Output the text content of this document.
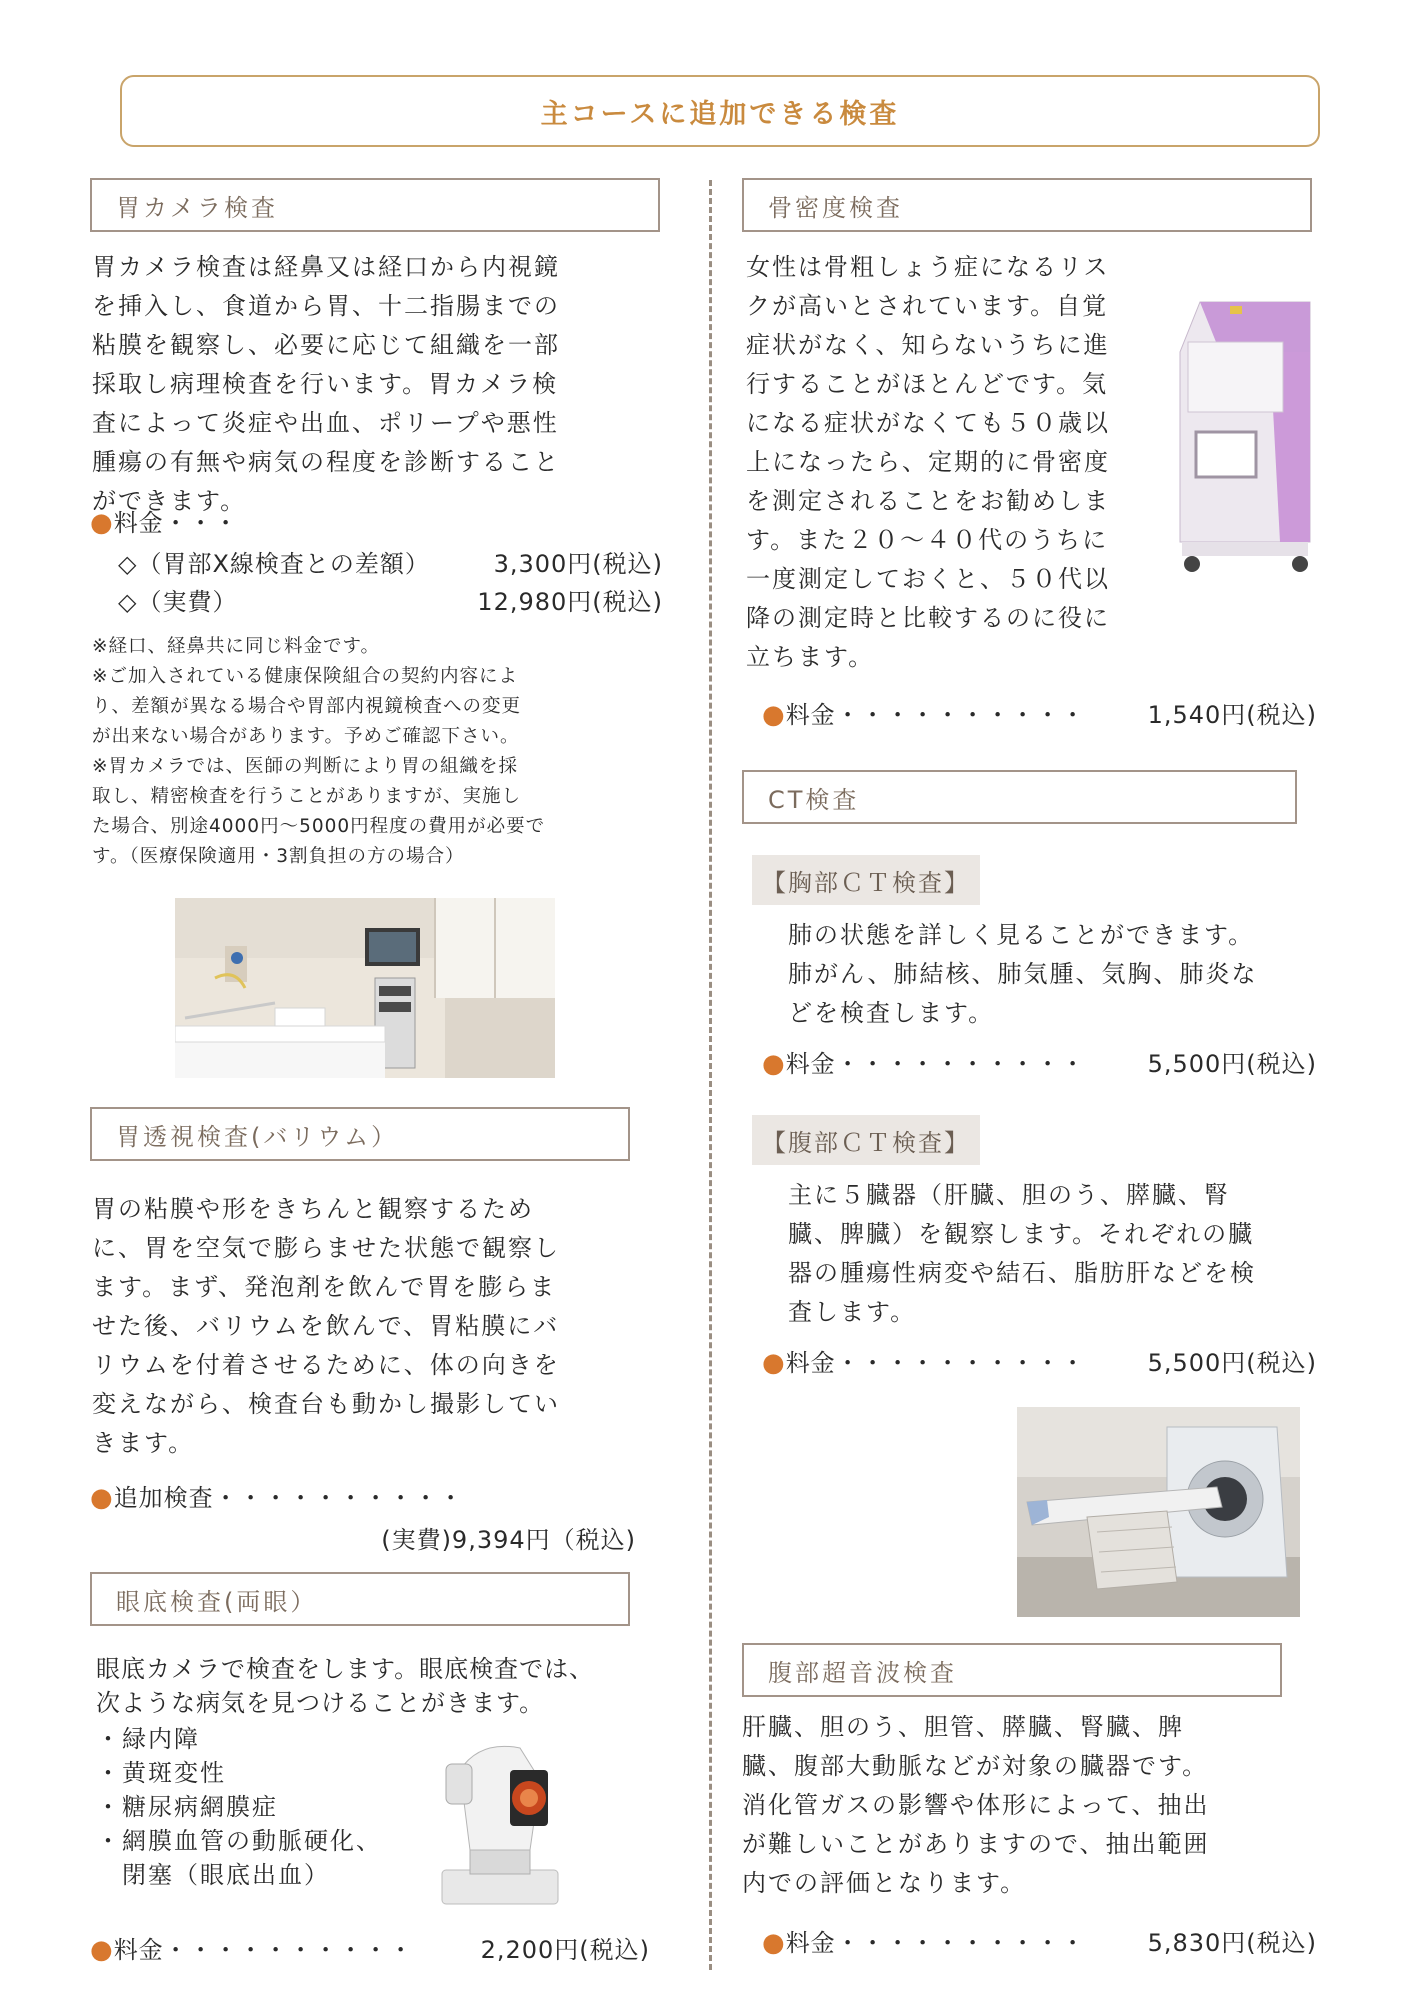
主コースに追加できる検査
胃カメラ検査

胃カメラ検査は経鼻又は経口から内視鏡

を挿入し、食道から胃、十二指腸までの

粘膜を観察し、必要に応じて組織を一部

採取し病理検査を行います。胃カメラ検

査によって炎症や出血、ポリープや悪性

腫瘍の有無や病気の程度を診断すること

ができます。

●料金・・・
◇（胃部X線検査との差額）	3,300円(税込)
◇（実費）	12,980円(税込)

※経口、経鼻共に同じ料金です。

※ご加入されている健康保険組合の契約内容によ

り、差額が異なる場合や胃部内視鏡検査への変更

が出来ない場合があります。予めご確認下さい。

※胃カメラでは、医師の判断により胃の組織を採

取し、精密検査を行うことがありますが、実施し

た場合、別途4000円～5000円程度の費用が必要で

す。（医療保険適用・3割負担の方の場合）

胃透視検査(バリウム）

胃の粘膜や形をきちんと観察するため

に、胃を空気で膨らませた状態で観察し

ます。まず、発泡剤を飲んで胃を膨らま

せた後、バリウムを飲んで、胃粘膜にバ

リウムを付着させるために、体の向きを

変えながら、検査台も動かし撮影してい

きます。

●追加検査・・・・・・・・・・
(実費)9,394円（税込)
眼底検査(両眼）

眼底カメラで検査をします。眼底検査では、

次ような病気を見つけることがきます。

・緑内障
・黄斑変性
・糖尿病網膜症
・網膜血管の動脈硬化、
　閉塞（眼底出血）
●料金・・・・・・・・・・	2,200円(税込)
骨密度検査

女性は骨粗しょう症になるリス

クが高いとされています。自覚

症状がなく、知らないうちに進

行することがほとんどです。気

になる症状がなくても５０歳以

上になったら、定期的に骨密度

を測定されることをお勧めしま

す。また２０～４０代のうちに

一度測定しておくと、５０代以

降の測定時と比較するのに役に

立ちます。

●料金・・・・・・・・・・	1,540円(税込)
CT検査
【胸部ＣＴ検査】

肺の状態を詳しく見ることができます。

肺がん、肺結核、肺気腫、気胸、肺炎な

どを検査します。

●料金・・・・・・・・・・	5,500円(税込)
【腹部ＣＴ検査】

主に５臓器（肝臓、胆のう、膵臓、腎

臓、脾臓）を観察します。それぞれの臓

器の腫瘍性病変や結石、脂肪肝などを検

査します。

●料金・・・・・・・・・・	5,500円(税込)
腹部超音波検査

肝臓、胆のう、胆管、膵臓、腎臓、脾

臓、腹部大動脈などが対象の臓器です。

消化管ガスの影響や体形によって、抽出

が難しいことがありますので、抽出範囲

内での評価となります。

●料金・・・・・・・・・・	5,830円(税込)
